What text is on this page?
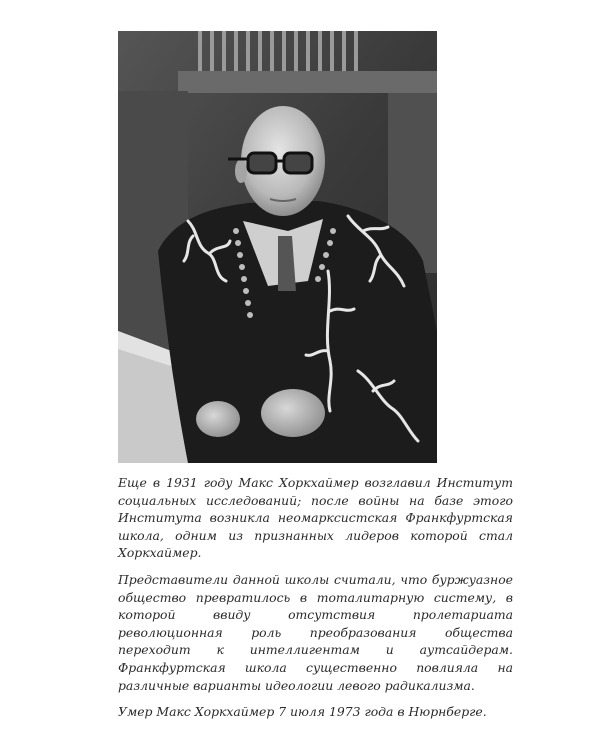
Еще в 1931 году Макс Хоркхаймер возглавил Институт социальных исследований; после войны на базе этого Института возникла неомарксистская Франкфуртская школа, одним из признанных лидеров которой стал Хоркхаймер.

Представители данной школы считали, что буржуазное общество превратилось в тоталитарную систему, в которой ввиду отсутствия пролетариата революционная роль преобразования общества переходит к интеллигентам и аутсайдерам. Франкфуртская школа существенно повлияла на различные варианты идеологии левого радикализма.

Умер Макс Хоркхаймер 7 июля 1973 года в Нюрнберге.
